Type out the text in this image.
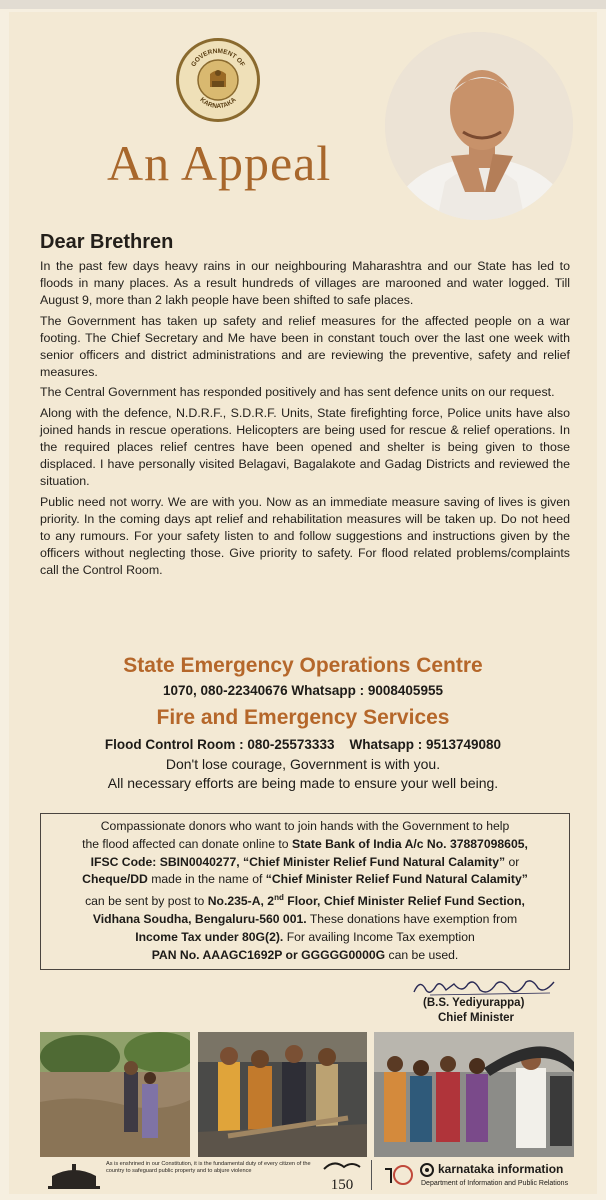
GOVERNMENT OF
KARNATAKA
An Appeal
Dear Brethren

In the past few days heavy rains in our neighbouring Maharashtra and our State has led to floods in many places. As a result hundreds of villages are marooned and water logged. Till August 9, more than 2 lakh people have been shifted to safe places.

The Government has taken up safety and relief measures for the affected people on a war footing. The Chief Secretary and Me have been in constant touch over the last one week with senior officers and district administrations and are reviewing the preventive, safety and relief measures.

The Central Government has responded positively and has sent defence units on our request.

Along with the defence, N.D.R.F., S.D.R.F. Units, State firefighting force, Police units have also joined hands in rescue operations. Helicopters are being used for rescue & relief operations. In the required places relief centres have been opened and shelter is being given to those displaced. I have personally visited Belagavi, Bagalakote and Gadag Districts and reviewed the situation.

Public need not worry. We are with you. Now as an immediate measure saving of lives is given priority. In the coming days apt relief and rehabilitation measures will be taken up. Do not heed to any rumours. For your safety listen to and follow suggestions and instructions given by the officers without neglecting those. Give priority to safety. For flood related problems/complaints call the Control Room.

State Emergency Operations Centre
1070, 080-22340676 Whatsapp : 9008405955
Fire and Emergency Services
Flood Control Room : 080-25573333 Whatsapp : 9513749080
Don't lose courage, Government is with you.
All necessary efforts are being made to ensure your well being.
Compassionate donors who want to join hands with the Government to help
the flood affected can donate online to State Bank of India A/c No. 37887098605,
IFSC Code: SBIN0040277, “Chief Minister Relief Fund Natural Calamity” or
Cheque/DD made in the name of “Chief Minister Relief Fund Natural Calamity”
can be sent by post to No.235-A, 2nd Floor, Chief Minister Relief Fund Section,
Vidhana Soudha, Bengaluru-560 001. These donations have exemption from
Income Tax under 80G(2). For availing Income Tax exemption
PAN No. AAAGC1692P or GGGGG0000G can be used.
(B.S. Yediyurappa)
Chief Minister
As is enshrined in our Constitution, it is the fundamental duty of every citizen of the country to safeguard public property and to abjure violence
150
karnataka information
Department of Information and Public Relations
